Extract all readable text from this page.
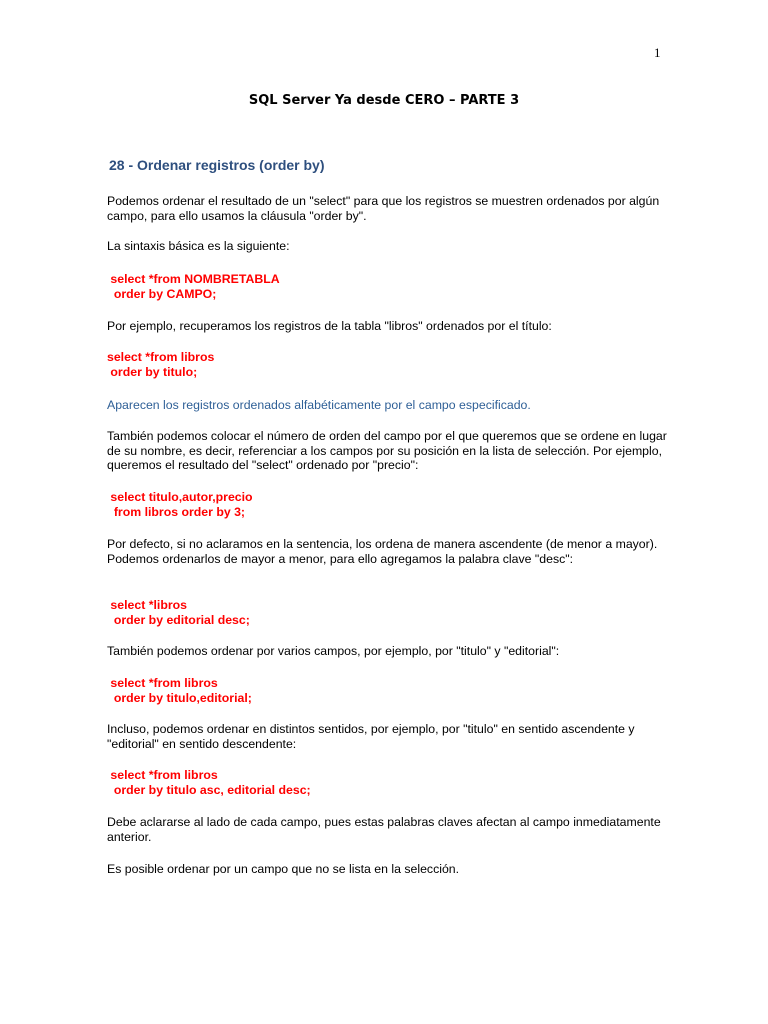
1
SQL Server Ya desde CERO – PARTE 3
28 - Ordenar registros (order by)
Podemos ordenar el resultado de un "select" para que los registros se muestren ordenados por algún campo, para ello usamos la cláusula "order by".
La sintaxis básica es la siguiente:
select *from NOMBRETABLA
order by CAMPO;
Por ejemplo, recuperamos los registros de la tabla "libros" ordenados por el título:
select *from libros
order by titulo;
Aparecen los registros ordenados alfabéticamente por el campo especificado.
También podemos colocar el número de orden del campo por el que queremos que se ordene en lugar de su nombre, es decir, referenciar a los campos por su posición en la lista de selección. Por ejemplo, queremos el resultado del "select" ordenado por "precio":
select titulo,autor,precio
from libros order by 3;
Por defecto, si no aclaramos en la sentencia, los ordena de manera ascendente (de menor a mayor).
Podemos ordenarlos de mayor a menor, para ello agregamos la palabra clave "desc":
select *libros
order by editorial desc;
También podemos ordenar por varios campos, por ejemplo, por "titulo" y "editorial":
select *from libros
order by titulo,editorial;
Incluso, podemos ordenar en distintos sentidos, por ejemplo, por "titulo" en sentido ascendente y "editorial" en sentido descendente:
select *from libros
order by titulo asc, editorial desc;
Debe aclararse al lado de cada campo, pues estas palabras claves afectan al campo inmediatamente anterior.
Es posible ordenar por un campo que no se lista en la selección.
